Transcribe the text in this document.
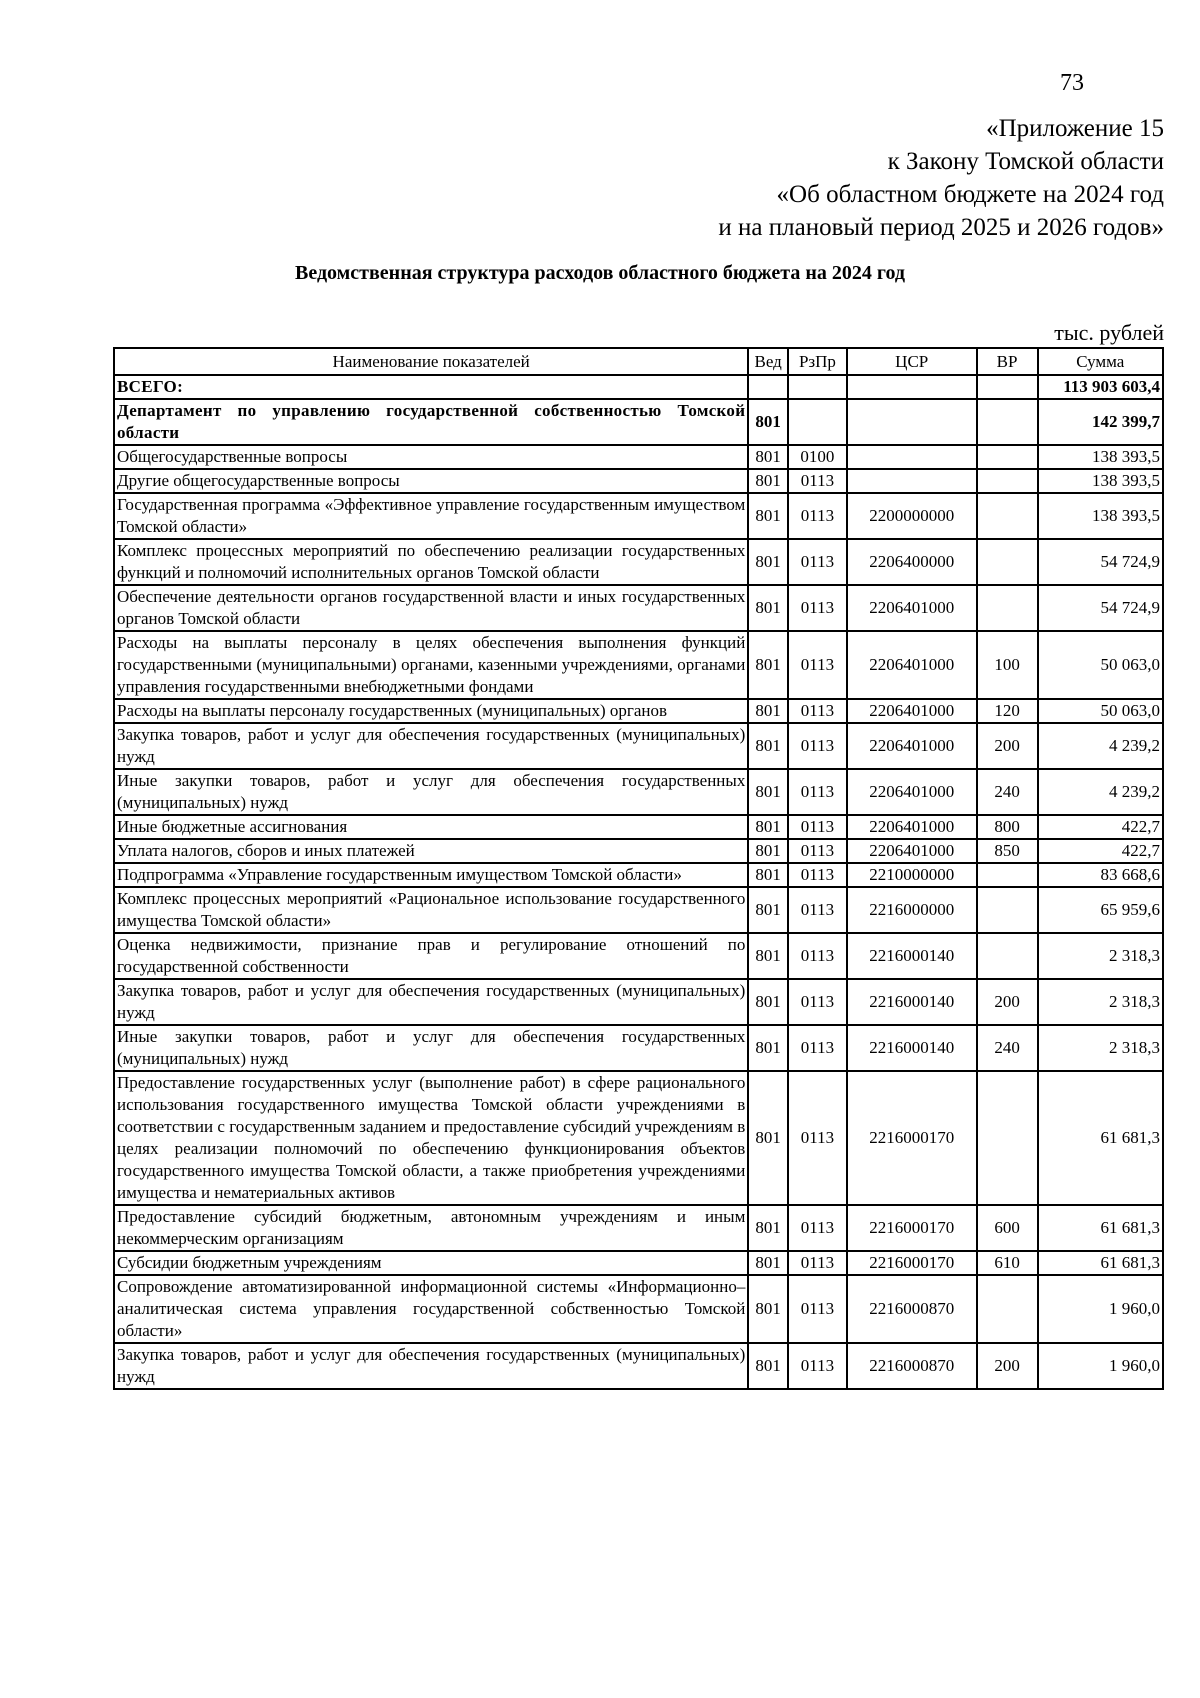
73
«Приложение 15
к Закону Томской области
«Об областном бюджете на 2024 год
и на плановый период 2025 и 2026 годов»
Ведомственная структура расходов областного бюджета на 2024 год
тыс. рублей
Наименование показателей	Вед	РзПр	ЦСР	ВР	Сумма
ВСЕГО:					113 903 603,4
Департамент по управлению государственной собственностью Томской области	801				142 399,7
Общегосударственные вопросы	801	0100			138 393,5
Другие общегосударственные вопросы	801	0113			138 393,5
Государственная программа «Эффективное управление государственным имуществом Томской области»	801	0113	2200000000		138 393,5
Комплекс процессных мероприятий по обеспечению реализации государственных функций и полномочий исполнительных органов Томской области	801	0113	2206400000		54 724,9
Обеспечение деятельности органов государственной власти и иных государственных органов Томской области	801	0113	2206401000		54 724,9
Расходы на выплаты персоналу в целях обеспечения выполнения функций государственными (муниципальными) органами, казенными учреждениями, органами управления государственными внебюджетными фондами	801	0113	2206401000	100	50 063,0
Расходы на выплаты персоналу государственных (муниципальных) органов	801	0113	2206401000	120	50 063,0
Закупка товаров, работ и услуг для обеспечения государственных (муниципальных) нужд	801	0113	2206401000	200	4 239,2
Иные закупки товаров, работ и услуг для обеспечения государственных (муниципальных) нужд	801	0113	2206401000	240	4 239,2
Иные бюджетные ассигнования	801	0113	2206401000	800	422,7
Уплата налогов, сборов и иных платежей	801	0113	2206401000	850	422,7
Подпрограмма «Управление государственным имуществом Томской области»	801	0113	2210000000		83 668,6
Комплекс процессных мероприятий «Рациональное использование государственного имущества Томской области»	801	0113	2216000000		65 959,6
Оценка недвижимости, признание прав и регулирование отношений по государственной собственности	801	0113	2216000140		2 318,3
Закупка товаров, работ и услуг для обеспечения государственных (муниципальных) нужд	801	0113	2216000140	200	2 318,3
Иные закупки товаров, работ и услуг для обеспечения государственных (муниципальных) нужд	801	0113	2216000140	240	2 318,3
Предоставление государственных услуг (выполнение работ) в сфере рационального использования государственного имущества Томской области учреждениями в соответствии с государственным заданием и предоставление субсидий учреждениям в целях реализации полномочий по обеспечению функционирования объектов государственного имущества Томской области, а также приобретения учреждениями имущества и нематериальных активов	801	0113	2216000170		61 681,3
Предоставление субсидий бюджетным, автономным учреждениям и иным некоммерческим организациям	801	0113	2216000170	600	61 681,3
Субсидии бюджетным учреждениям	801	0113	2216000170	610	61 681,3
Сопровождение автоматизированной информационной системы «Информационно–аналитическая система управления государственной собственностью Томской области»	801	0113	2216000870		1 960,0
Закупка товаров, работ и услуг для обеспечения государственных (муниципальных) нужд	801	0113	2216000870	200	1 960,0
